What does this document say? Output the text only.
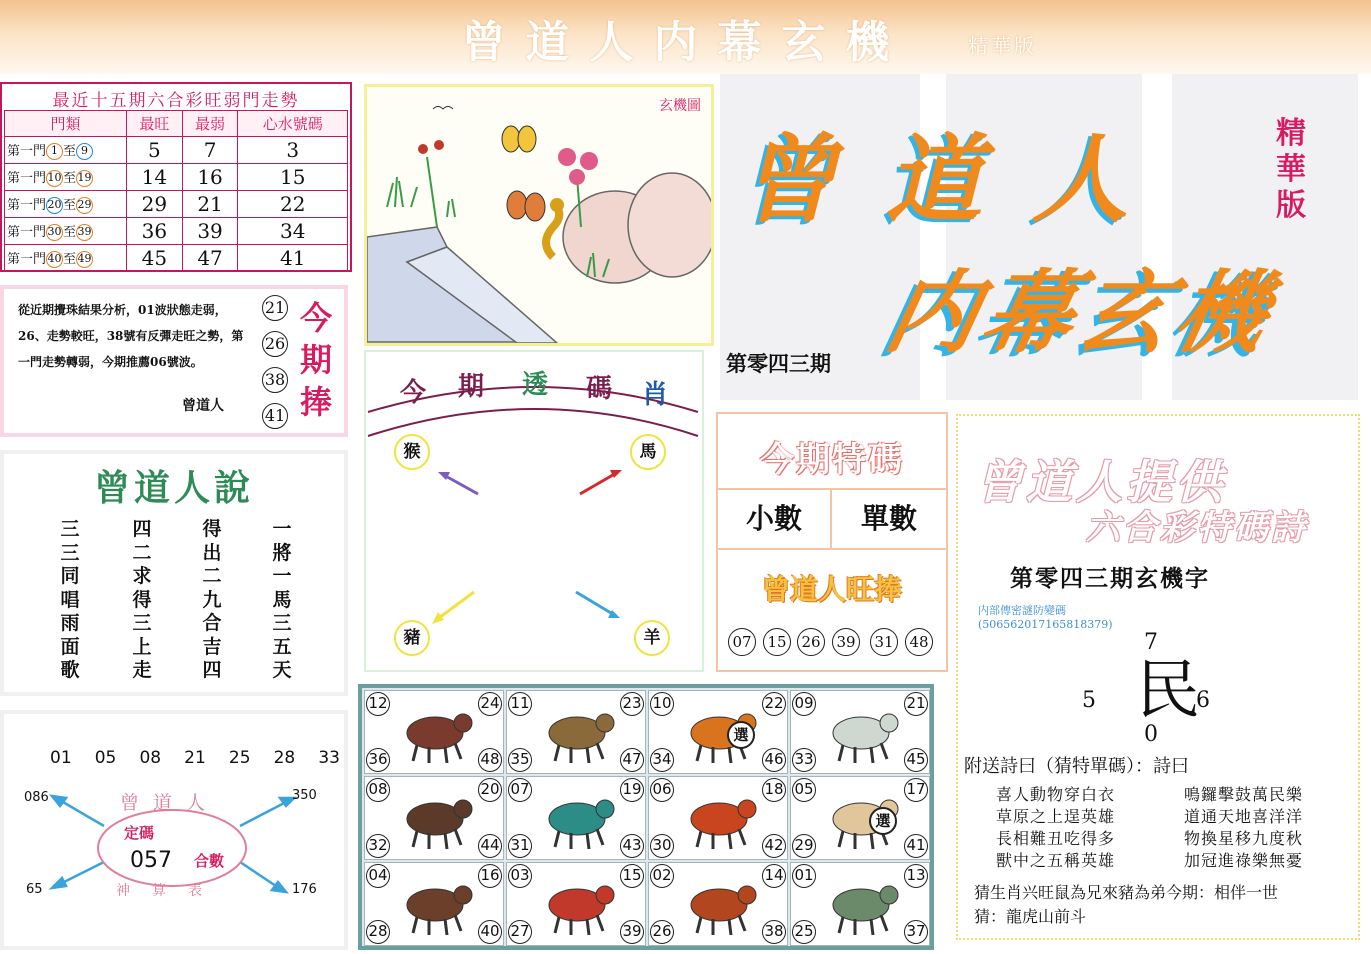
曾道人内幕玄機	精華版
最近十五期六合彩旺弱門走勢
門類	最旺	最弱	心水號碼
第一門 1 至 9	5	7	3
第一門 10 至 19	14	16	15
第一門 20 至 29	29	21	22
第一門 30 至 39	36	39	34
第一門 40 至 49	45	47	41
從近期攪珠結果分析，01波狀態走弱，26、走勢較旺，38號有反彈走旺之勢，第一門走勢轉弱，今期推薦06號波。
曾道人
21
26
38
41
今期捧
曾道人說
三三同唱雨面歌
四二求得三上走
得出二九合吉四
一將一馬三五天
01 05 08 21 25 28 33
086	350
65	176
曾道人
神算表
定碼
057 合數
玄機圖
今 期 透 碼 肖
猴	馬
豬	羊
曾道人
内幕玄機
精華版
第零四三期
今期特碼
小數	單數
曾道人旺捧
07 15 26 39 31 48
曾道人提供
六合彩特碼詩
第零四三期玄機字
内部傳密謎防變碼
(506562017165818379)
7
5	6
0
民
附送詩曰（猜特單碼）：詩曰
喜人動物穿白衣
草原之上逞英雄
長相難丑吃得多
獸中之五稱英雄
鳴鑼擊鼓萬民樂
道通天地喜洋洋
物換星移九度秋
加冠進祿樂無憂
猜生肖兴旺鼠為兄來豬為弟今期：相伴一世
猜：龍虎山前斗
12	24
36	48
11	23
35	47
10	22
34	46
選
09	21
33	45
08	20
32	44
07	19
31	43
06	18
30	42
05	17
29	41
選
04	16
28	40
03	15
27	39
02	14
26	38
01	13
25	37
